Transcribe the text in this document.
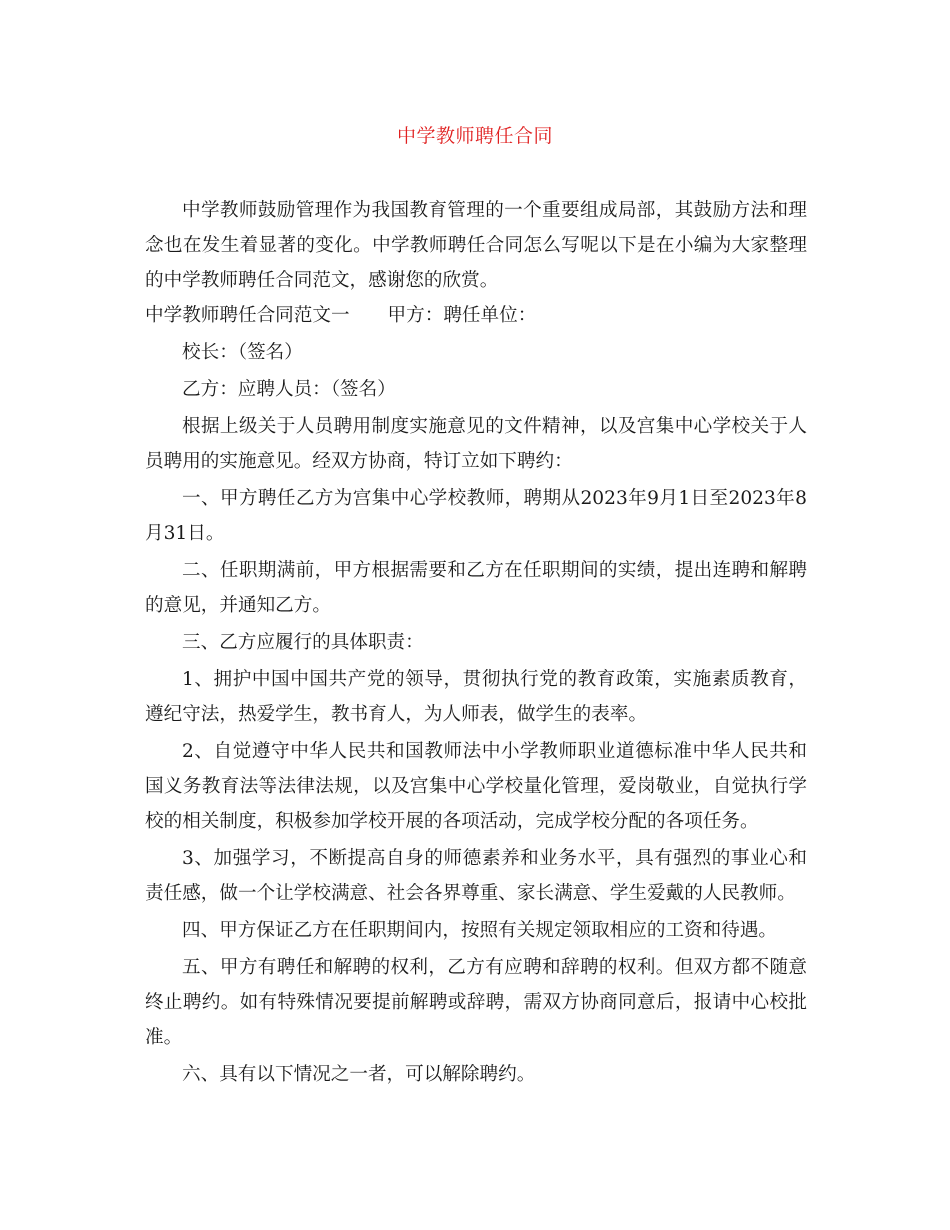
中学教师聘任合同

中学教师鼓励管理作为我国教育管理的一个重要组成局部，其鼓励方法和理念也在发生着显著的变化。中学教师聘任合同怎么写呢以下是在小编为大家整理的中学教师聘任合同范文，感谢您的欣赏。

中学教师聘任合同范文一 甲方：聘任单位：

校长：（签名）

乙方：应聘人员：（签名）

根据上级关于人员聘用制度实施意见的文件精神，以及宫集中心学校关于人员聘用的实施意见。经双方协商，特订立如下聘约：

一、甲方聘任乙方为宫集中心学校教师，聘期从2023年9月1日至2023年8月31日。

二、任职期满前，甲方根据需要和乙方在任职期间的实绩，提出连聘和解聘的意见，并通知乙方。

三、乙方应履行的具体职责：

1、拥护中国中国共产党的领导，贯彻执行党的教育政策，实施素质教育，遵纪守法，热爱学生，教书育人，为人师表，做学生的表率。

2、自觉遵守中华人民共和国教师法中小学教师职业道德标准中华人民共和国义务教育法等法律法规，以及宫集中心学校量化管理，爱岗敬业，自觉执行学校的相关制度，积极参加学校开展的各项活动，完成学校分配的各项任务。

3、加强学习，不断提高自身的师德素养和业务水平，具有强烈的事业心和责任感，做一个让学校满意、社会各界尊重、家长满意、学生爱戴的人民教师。

四、甲方保证乙方在任职期间内，按照有关规定领取相应的工资和待遇。

五、甲方有聘任和解聘的权利，乙方有应聘和辞聘的权利。但双方都不随意终止聘约。如有特殊情况要提前解聘或辞聘，需双方协商同意后，报请中心校批准。

六、具有以下情况之一者，可以解除聘约。
